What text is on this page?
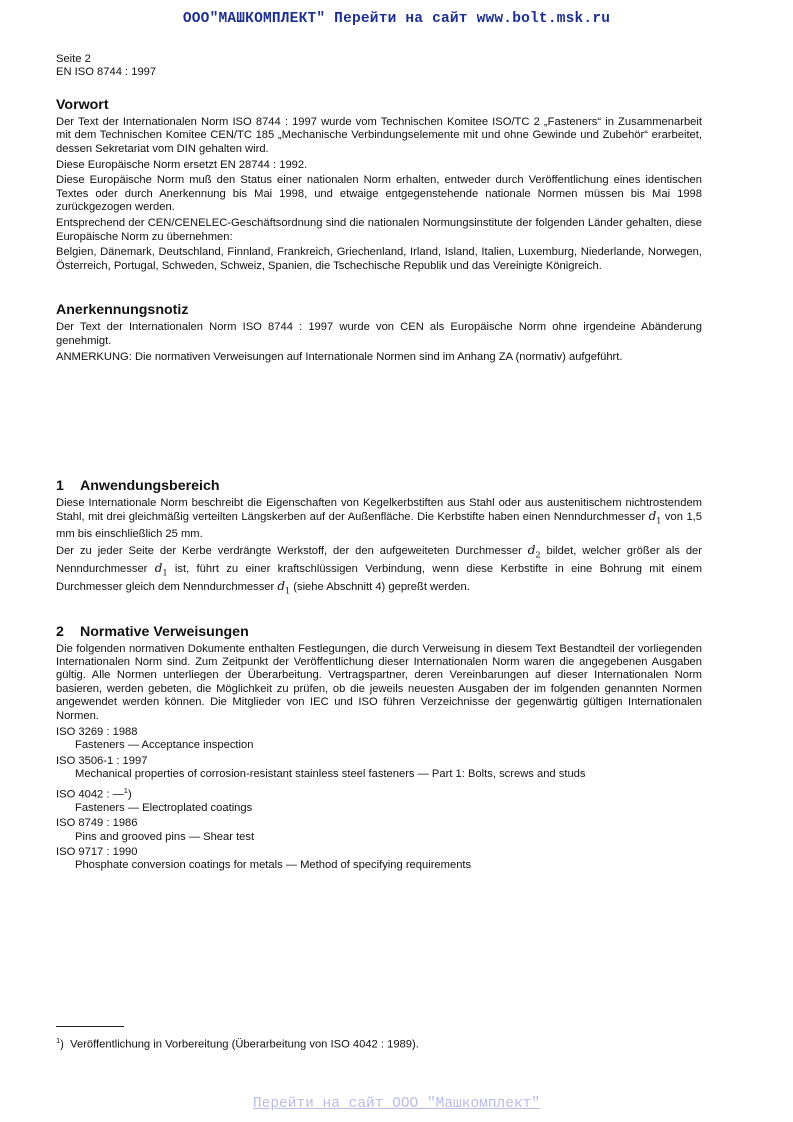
ООО"МАШКОМПЛЕКТ" Перейти на сайт www.bolt.msk.ru
Seite 2
EN ISO 8744 : 1997
Vorwort

Der Text der Internationalen Norm ISO 8744 : 1997 wurde vom Technischen Komitee ISO/TC 2 „Fasteners“ in Zusammenarbeit mit dem Technischen Komitee CEN/TC 185 „Mechanische Verbindungselemente mit und ohne Gewinde und Zubehör“ erarbeitet, dessen Sekretariat vom DIN gehalten wird.

Diese Europäische Norm ersetzt EN 28744 : 1992.

Diese Europäische Norm muß den Status einer nationalen Norm erhalten, entweder durch Veröffentlichung eines identischen Textes oder durch Anerkennung bis Mai 1998, und etwaige entgegenstehende nationale Normen müssen bis Mai 1998 zurückgezogen werden.

Entsprechend der CEN/CENELEC-Geschäftsordnung sind die nationalen Normungsinstitute der folgenden Länder gehalten, diese Europäische Norm zu übernehmen:

Belgien, Dänemark, Deutschland, Finnland, Frankreich, Griechenland, Irland, Island, Italien, Luxemburg, Niederlande, Norwegen, Österreich, Portugal, Schweden, Schweiz, Spanien, die Tschechische Republik und das Vereinigte Königreich.

Anerkennungsnotiz

Der Text der Internationalen Norm ISO 8744 : 1997 wurde von CEN als Europäische Norm ohne irgendeine Abänderung genehmigt.

ANMERKUNG: Die normativen Verweisungen auf Internationale Normen sind im Anhang ZA (normativ) aufgeführt.

1 Anwendungsbereich

Diese Internationale Norm beschreibt die Eigenschaften von Kegelkerbstiften aus Stahl oder aus austenitischem nichtrostendem Stahl, mit drei gleichmäßig verteilten Längskerben auf der Außenfläche. Die Kerbstifte haben einen Nenndurchmesser $d_1$ von 1,5 mm bis einschließlich 25 mm.

Der zu jeder Seite der Kerbe verdrängte Werkstoff, der den aufgeweiteten Durchmesser $d_2$ bildet, welcher größer als der Nenndurchmesser $d_1$ ist, führt zu einer kraftschlüssigen Verbindung, wenn diese Kerbstifte in eine Bohrung mit einem Durchmesser gleich dem Nenndurchmesser $d_1$ (siehe Abschnitt 4) gepreßt werden.

2 Normative Verweisungen

Die folgenden normativen Dokumente enthalten Festlegungen, die durch Verweisung in diesem Text Bestandteil der vorliegenden Internationalen Norm sind. Zum Zeitpunkt der Veröffentlichung dieser Internationalen Norm waren die angegebenen Ausgaben gültig. Alle Normen unterliegen der Überarbeitung. Vertragspartner, deren Vereinbarungen auf dieser Internationalen Norm basieren, werden gebeten, die Möglichkeit zu prüfen, ob die jeweils neuesten Ausgaben der im folgenden genannten Normen angewendet werden können. Die Mitglieder von IEC und ISO führen Verzeichnisse der gegenwärtig gültigen Internationalen Normen.

ISO 3269 : 1988
Fasteners — Acceptance inspection
ISO 3506-1 : 1997
Mechanical properties of corrosion-resistant stainless steel fasteners — Part 1: Bolts, screws and studs
ISO 4042 : —$^1$)
Fasteners — Electroplated coatings
ISO 8749 : 1986
Pins and grooved pins — Shear test
ISO 9717 : 1990
Phosphate conversion coatings for metals — Method of specifying requirements
$^1$) Veröffentlichung in Vorbereitung (Überarbeitung von ISO 4042 : 1989).
Перейти на сайт ООО "Машкомплект"
